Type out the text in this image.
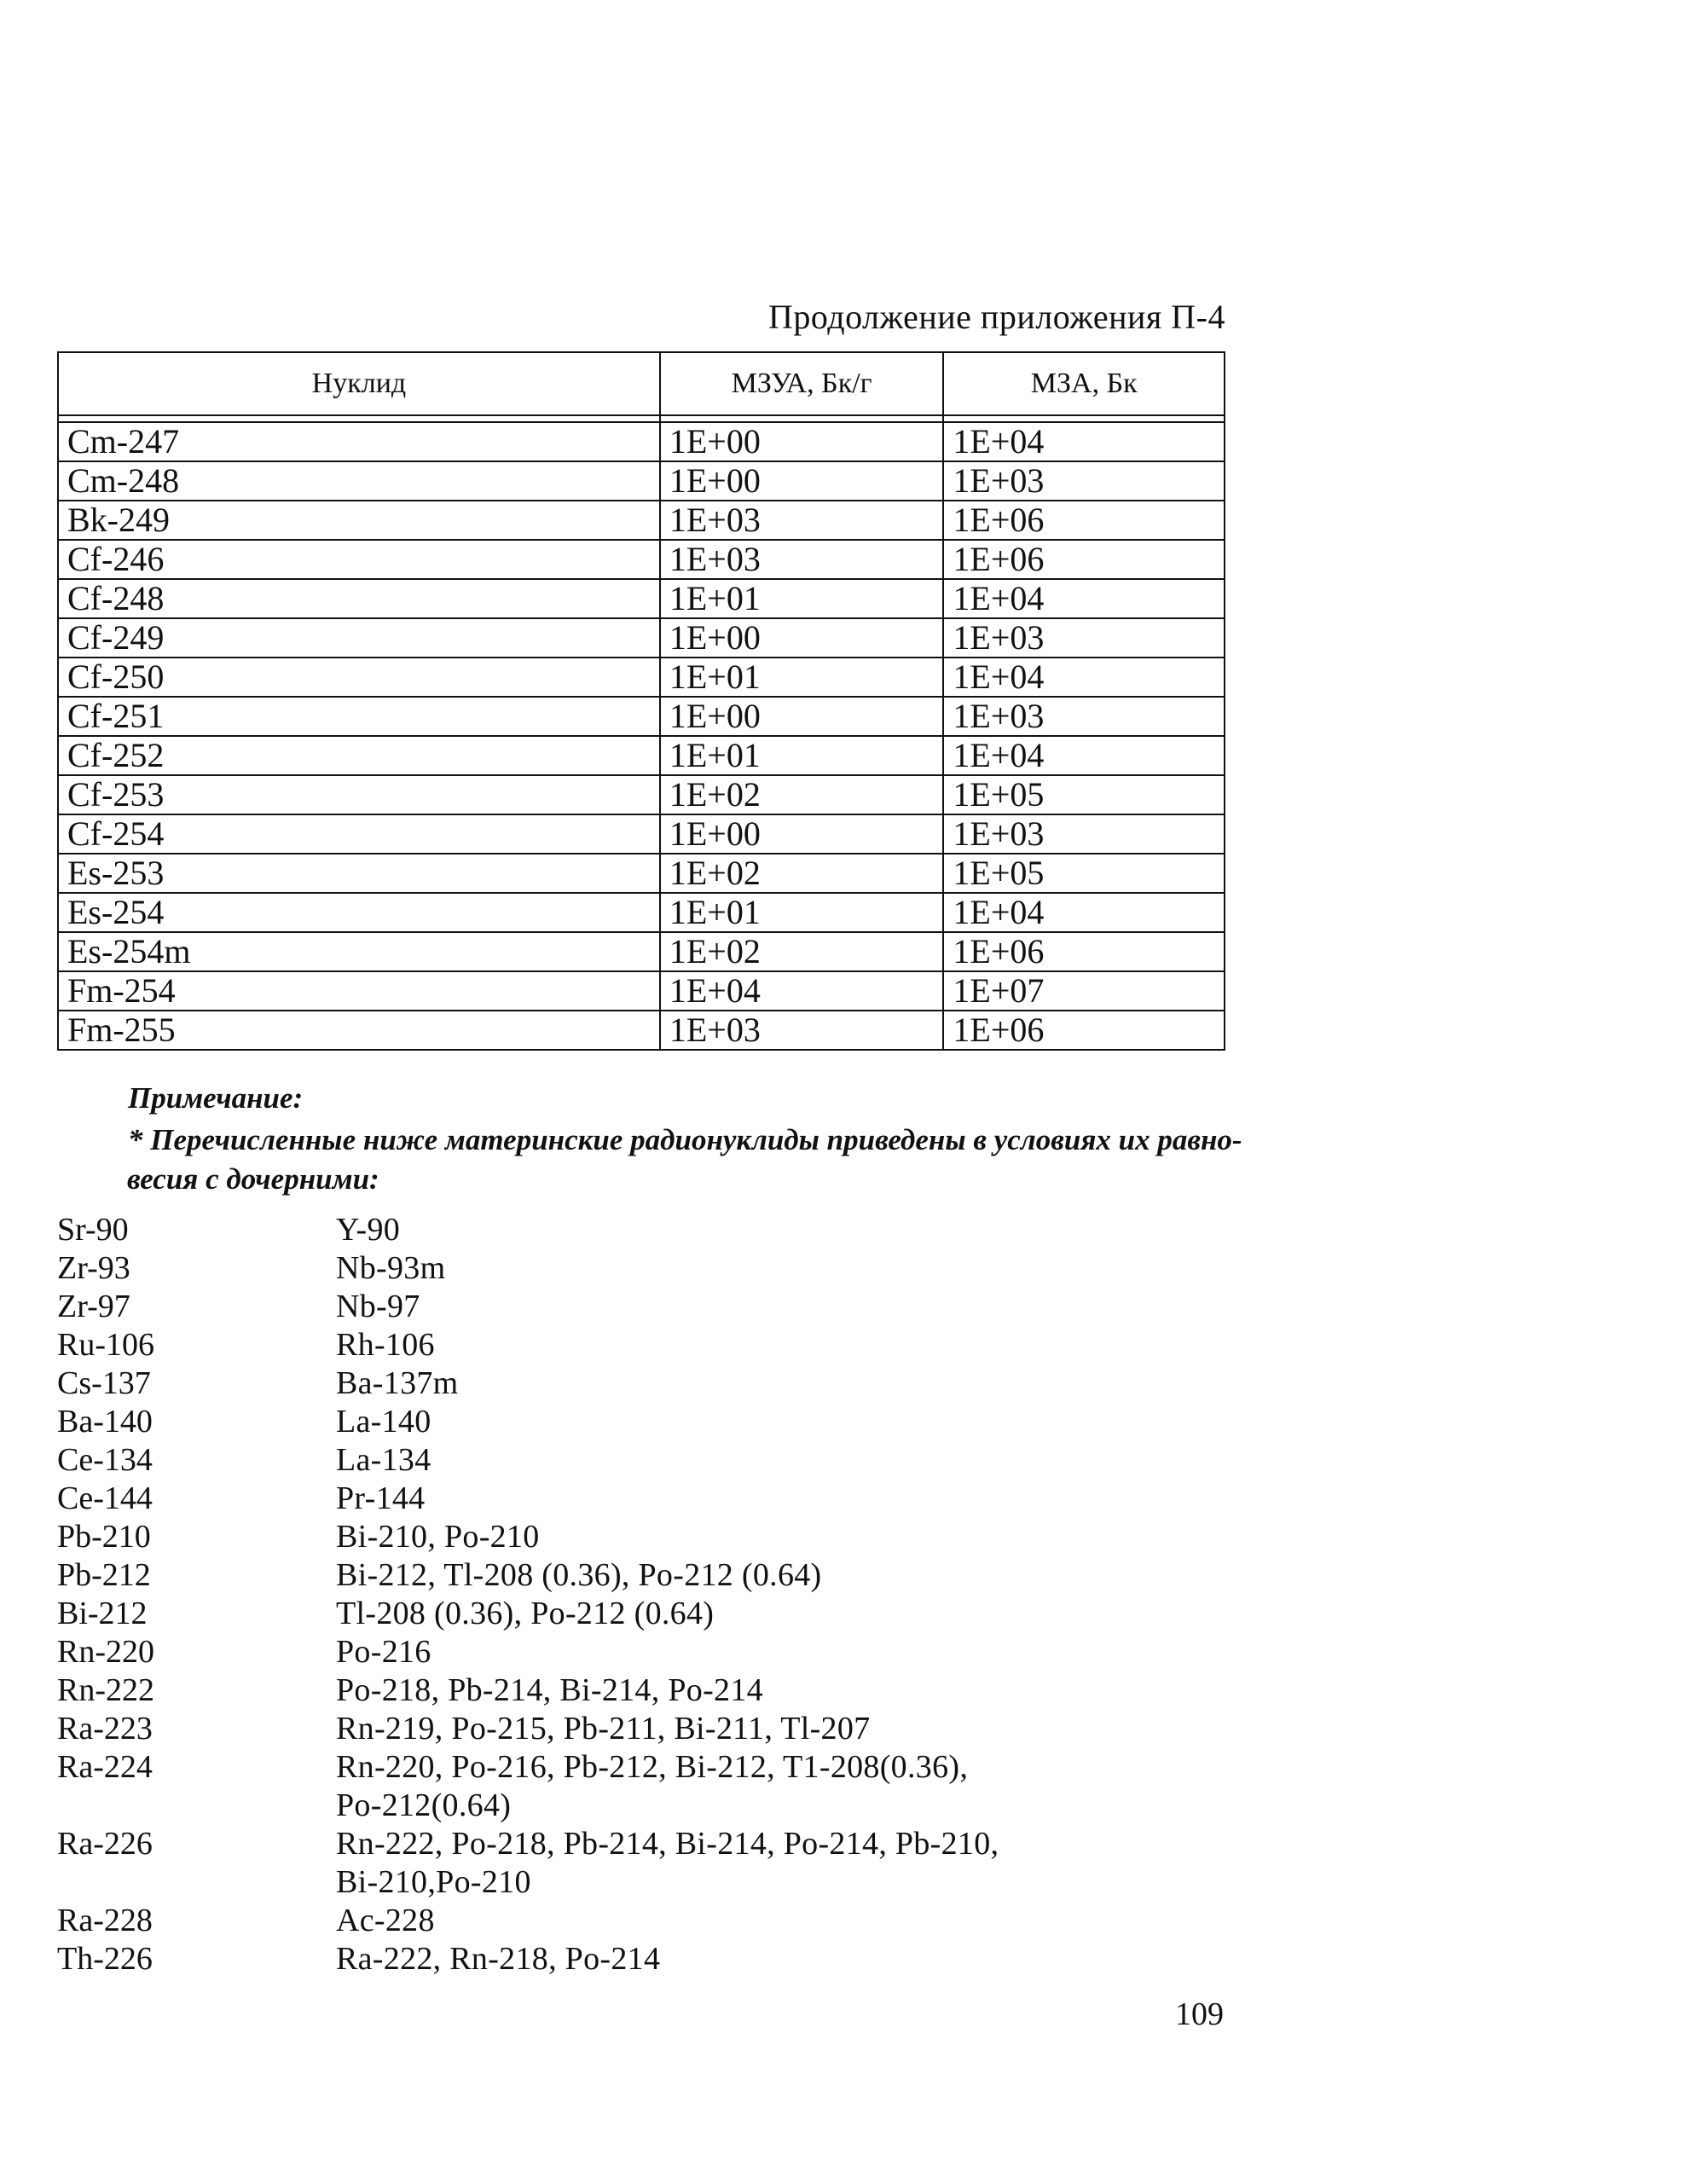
Продолжение приложения П-4
Нуклид	МЗУА, Бк/г	МЗА, Бк

Cm-247	1E+00	1E+04
Cm-248	1E+00	1E+03
Bk-249	1E+03	1E+06
Cf-246	1E+03	1E+06
Cf-248	1E+01	1E+04
Cf-249	1E+00	1E+03
Cf-250	1E+01	1E+04
Cf-251	1E+00	1E+03
Cf-252	1E+01	1E+04
Cf-253	1E+02	1E+05
Cf-254	1E+00	1E+03
Es-253	1E+02	1E+05
Es-254	1E+01	1E+04
Es-254m	1E+02	1E+06
Fm-254	1E+04	1E+07
Fm-255	1E+03	1E+06
Примечание:
* Перечисленные ниже материнские радионуклиды приведены в условиях их равно-
весия с дочерними:
Sr-90	Y-90
Zr-93	Nb-93m
Zr-97	Nb-97
Ru-106	Rh-106
Cs-137	Ba-137m
Ba-140	La-140
Ce-134	La-134
Ce-144	Pr-144
Pb-210	Bi-210, Po-210
Pb-212	Bi-212, Tl-208 (0.36), Po-212 (0.64)
Bi-212	Tl-208 (0.36), Po-212 (0.64)
Rn-220	Po-216
Rn-222	Po-218, Pb-214, Bi-214, Po-214
Ra-223	Rn-219, Po-215, Pb-211, Bi-211, Tl-207
Ra-224	Rn-220, Po-216, Pb-212, Bi-212, T1-208(0.36),
Po-212(0.64)
Ra-226	Rn-222, Po-218, Pb-214, Bi-214, Po-214, Pb-210,
Bi-210,Po-210
Ra-228	Ac-228
Th-226	Ra-222, Rn-218, Po-214
109
